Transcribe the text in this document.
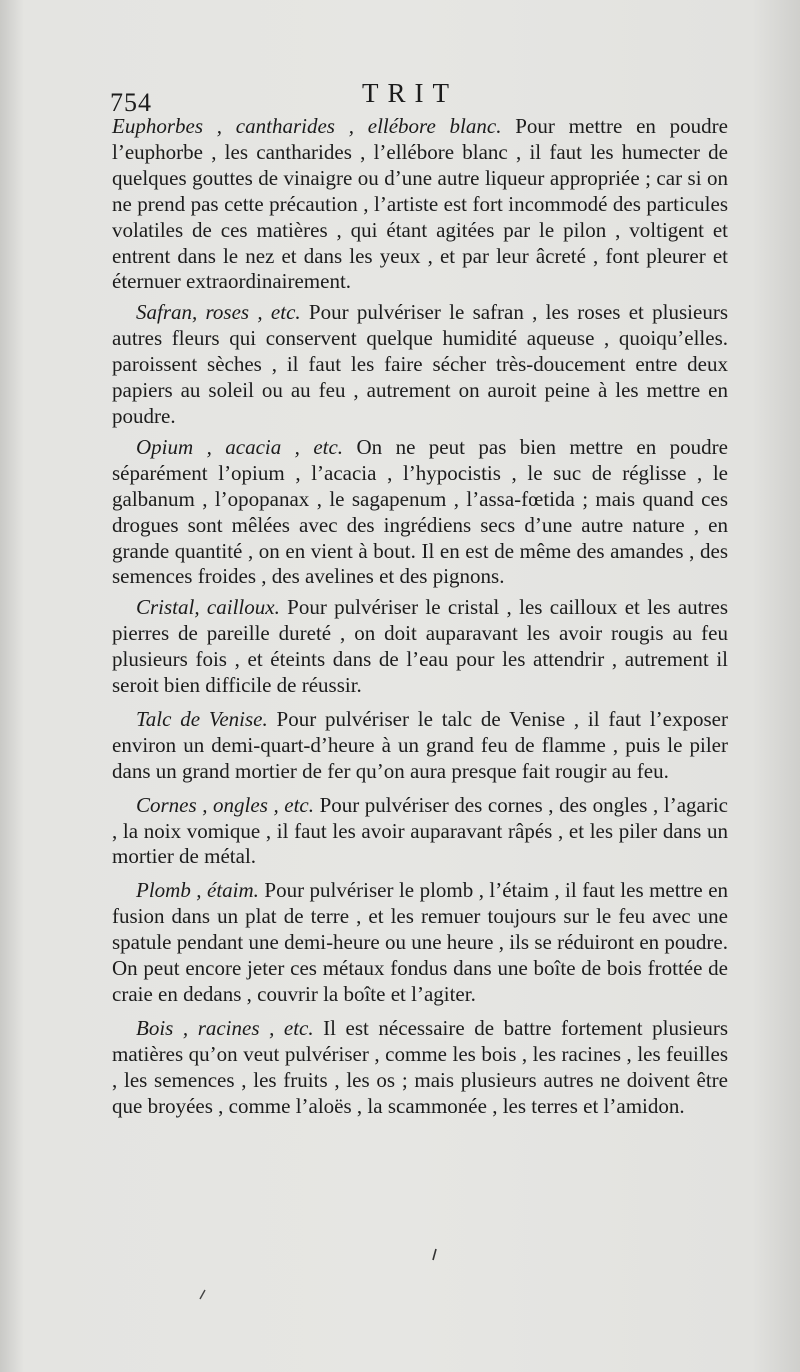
754	TRIT

Euphorbes , cantharides , ellébore blanc. Pour mettre en poudre l’euphorbe , les cantharides , l’ellébore blanc , il faut les humecter de quelques gouttes de vinaigre ou d’une autre liqueur appropriée ; car si on ne prend pas cette précaution , l’artiste est fort incommodé des particules volatiles de ces matières , qui étant agitées par le pilon , voltigent et entrent dans le nez et dans les yeux , et par leur âcreté , font pleurer et éternuer extraordinairement.

Safran, roses , etc. Pour pulvériser le safran , les roses et plusieurs autres fleurs qui conservent quelque humidité aqueuse , quoiqu’elles. paroissent sèches , il faut les faire sécher très-doucement entre deux papiers au soleil ou au feu , autrement on auroit peine à les mettre en poudre.

Opium , acacia , etc. On ne peut pas bien mettre en poudre séparément l’opium , l’acacia , l’hypocistis , le suc de réglisse , le galbanum , l’opopanax , le sagapenum , l’assa-fœtida ; mais quand ces drogues sont mêlées avec des ingrédiens secs d’une autre nature , en grande quantité , on en vient à bout. Il en est de même des amandes , des semences froides , des avelines et des pignons.

Cristal, cailloux. Pour pulvériser le cristal , les cailloux et les autres pierres de pareille dureté , on doit auparavant les avoir rougis au feu plusieurs fois , et éteints dans de l’eau pour les attendrir , autrement il seroit bien difficile de réussir.

Talc de Venise. Pour pulvériser le talc de Venise , il faut l’exposer environ un demi-quart-d’heure à un grand feu de flamme , puis le piler dans un grand mortier de fer qu’on aura presque fait rougir au feu.

Cornes , ongles , etc. Pour pulvériser des cornes , des ongles , l’agaric , la noix vomique , il faut les avoir auparavant râpés , et les piler dans un mortier de métal.

Plomb , étaim. Pour pulvériser le plomb , l’étaim , il faut les mettre en fusion dans un plat de terre , et les remuer toujours sur le feu avec une spatule pendant une demi-heure ou une heure , ils se réduiront en poudre. On peut encore jeter ces métaux fondus dans une boîte de bois frottée de craie en dedans , couvrir la boîte et l’agiter.

Bois , racines , etc. Il est nécessaire de battre fortement plusieurs matières qu’on veut pulvériser , comme les bois , les racines , les feuilles , les semences , les fruits , les os ; mais plusieurs autres ne doivent être que broyées , comme l’aloës , la scammonée , les terres et l’amidon.
